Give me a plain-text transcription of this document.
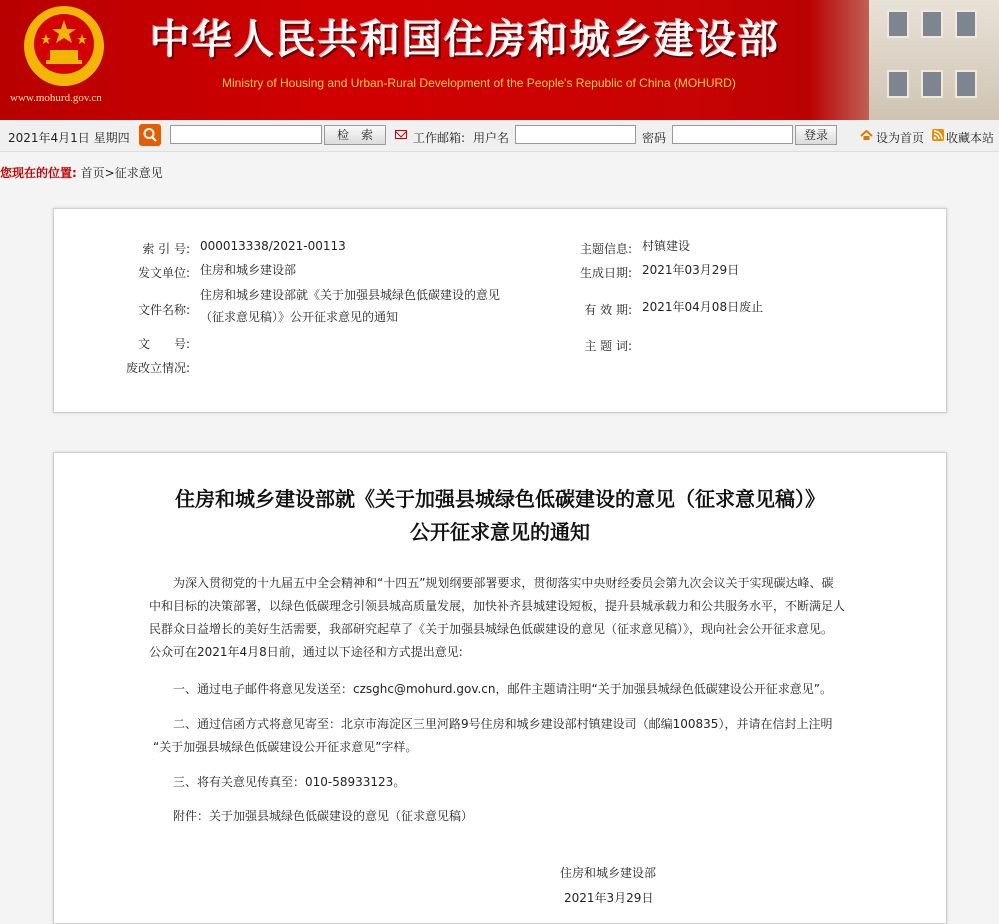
www.mohurd.gov.cn
中华人民共和国住房和城乡建设部
Ministry of Housing and Urban-Rural Development of the People's Republic of China (MOHURD)
2021年4月1日 星期四	检　索	工作邮箱: 用户名	密码	登录	设为首页 收藏本站
您现在的位置: 首页>征求意见
索 引 号: 000013338/2021-00113
发文单位: 住房和城乡建设部
文件名称:
住房和城乡建设部就《关于加强县城绿色低碳建设的意见
（征求意见稿）》公开征求意见的通知
文　　号:
废改立情况:
主题信息: 村镇建设
生成日期: 2021年03月29日
有 效 期: 2021年04月08日废止
主 题 词:
住房和城乡建设部就《关于加强县城绿色低碳建设的意见（征求意见稿）》
公开征求意见的通知
为深入贯彻党的十九届五中全会精神和“十四五”规划纲要部署要求，贯彻落实中央财经委员会第九次会议关于实现碳达峰、碳
中和目标的决策部署，以绿色低碳理念引领县城高质量发展，加快补齐县城建设短板，提升县城承载力和公共服务水平，不断满足人
民群众日益增长的美好生活需要，我部研究起草了《关于加强县城绿色低碳建设的意见（征求意见稿）》，现向社会公开征求意见。
公众可在2021年4月8日前，通过以下途径和方式提出意见:
一、通过电子邮件将意见发送至：czsghc@mohurd.gov.cn，邮件主题请注明“关于加强县城绿色低碳建设公开征求意见”。
二、通过信函方式将意见寄至：北京市海淀区三里河路9号住房和城乡建设部村镇建设司（邮编100835），并请在信封上注明
“关于加强县城绿色低碳建设公开征求意见”字样。
三、将有关意见传真至：010-58933123。
附件：关于加强县城绿色低碳建设的意见（征求意见稿）
住房和城乡建设部
2021年3月29日
